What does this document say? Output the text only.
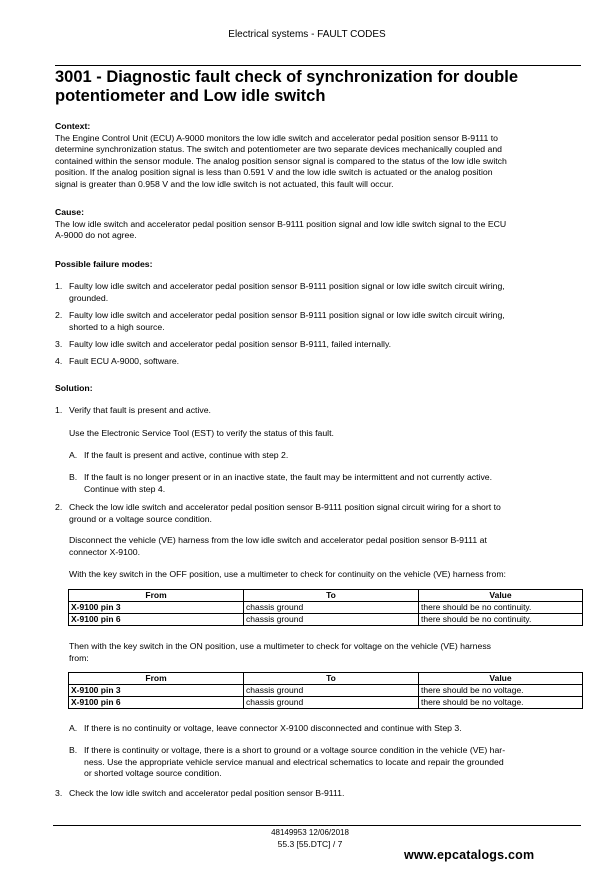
Electrical systems - FAULT CODES
3001 - Diagnostic fault check of synchronization for double
potentiometer and Low idle switch
Context:
The Engine Control Unit (ECU) A-9000 monitors the low idle switch and accelerator pedal position sensor B-9111 to
determine synchronization status. The switch and potentiometer are two separate devices mechanically coupled and
contained within the sensor module. The analog position sensor signal is compared to the status of the low idle switch
position. If the analog position signal is less than 0.591 V and the low idle switch is actuated or the analog position
signal is greater than 0.958 V and the low idle switch is not actuated, this fault will occur.
Cause:
The low idle switch and accelerator pedal position sensor B-9111 position signal and low idle switch signal to the ECU
A-9000 do not agree.
Possible failure modes:
1. Faulty low idle switch and accelerator pedal position sensor B-9111 position signal or low idle switch circuit wiring,
grounded.
2. Faulty low idle switch and accelerator pedal position sensor B-9111 position signal or low idle switch circuit wiring,
shorted to a high source.
3. Faulty low idle switch and accelerator pedal position sensor B-9111, failed internally.
4. Fault ECU A-9000, software.
Solution:
1. Verify that fault is present and active.
Use the Electronic Service Tool (EST) to verify the status of this fault.
A. If the fault is present and active, continue with step 2.
B. If the fault is no longer present or in an inactive state, the fault may be intermittent and not currently active.
Continue with step 4.
2. Check the low idle switch and accelerator pedal position sensor B-9111 position signal circuit wiring for a short to
ground or a voltage source condition.
Disconnect the vehicle (VE) harness from the low idle switch and accelerator pedal position sensor B-9111 at
connector X-9100.
With the key switch in the OFF position, use a multimeter to check for continuity on the vehicle (VE) harness from:
From	To	Value
X-9100 pin 3	chassis ground	there should be no continuity.
X-9100 pin 6	chassis ground	there should be no continuity.
Then with the key switch in the ON position, use a multimeter to check for voltage on the vehicle (VE) harness
from:
From	To	Value
X-9100 pin 3	chassis ground	there should be no voltage.
X-9100 pin 6	chassis ground	there should be no voltage.
A. If there is no continuity or voltage, leave connector X-9100 disconnected and continue with Step 3.
B. If there is continuity or voltage, there is a short to ground or a voltage source condition in the vehicle (VE) har-
ness. Use the appropriate vehicle service manual and electrical schematics to locate and repair the grounded
or shorted voltage source condition.
3. Check the low idle switch and accelerator pedal position sensor B-9111.
48149953 12/06/2018
55.3 [55.DTC] / 7
www.epcatalogs.com
